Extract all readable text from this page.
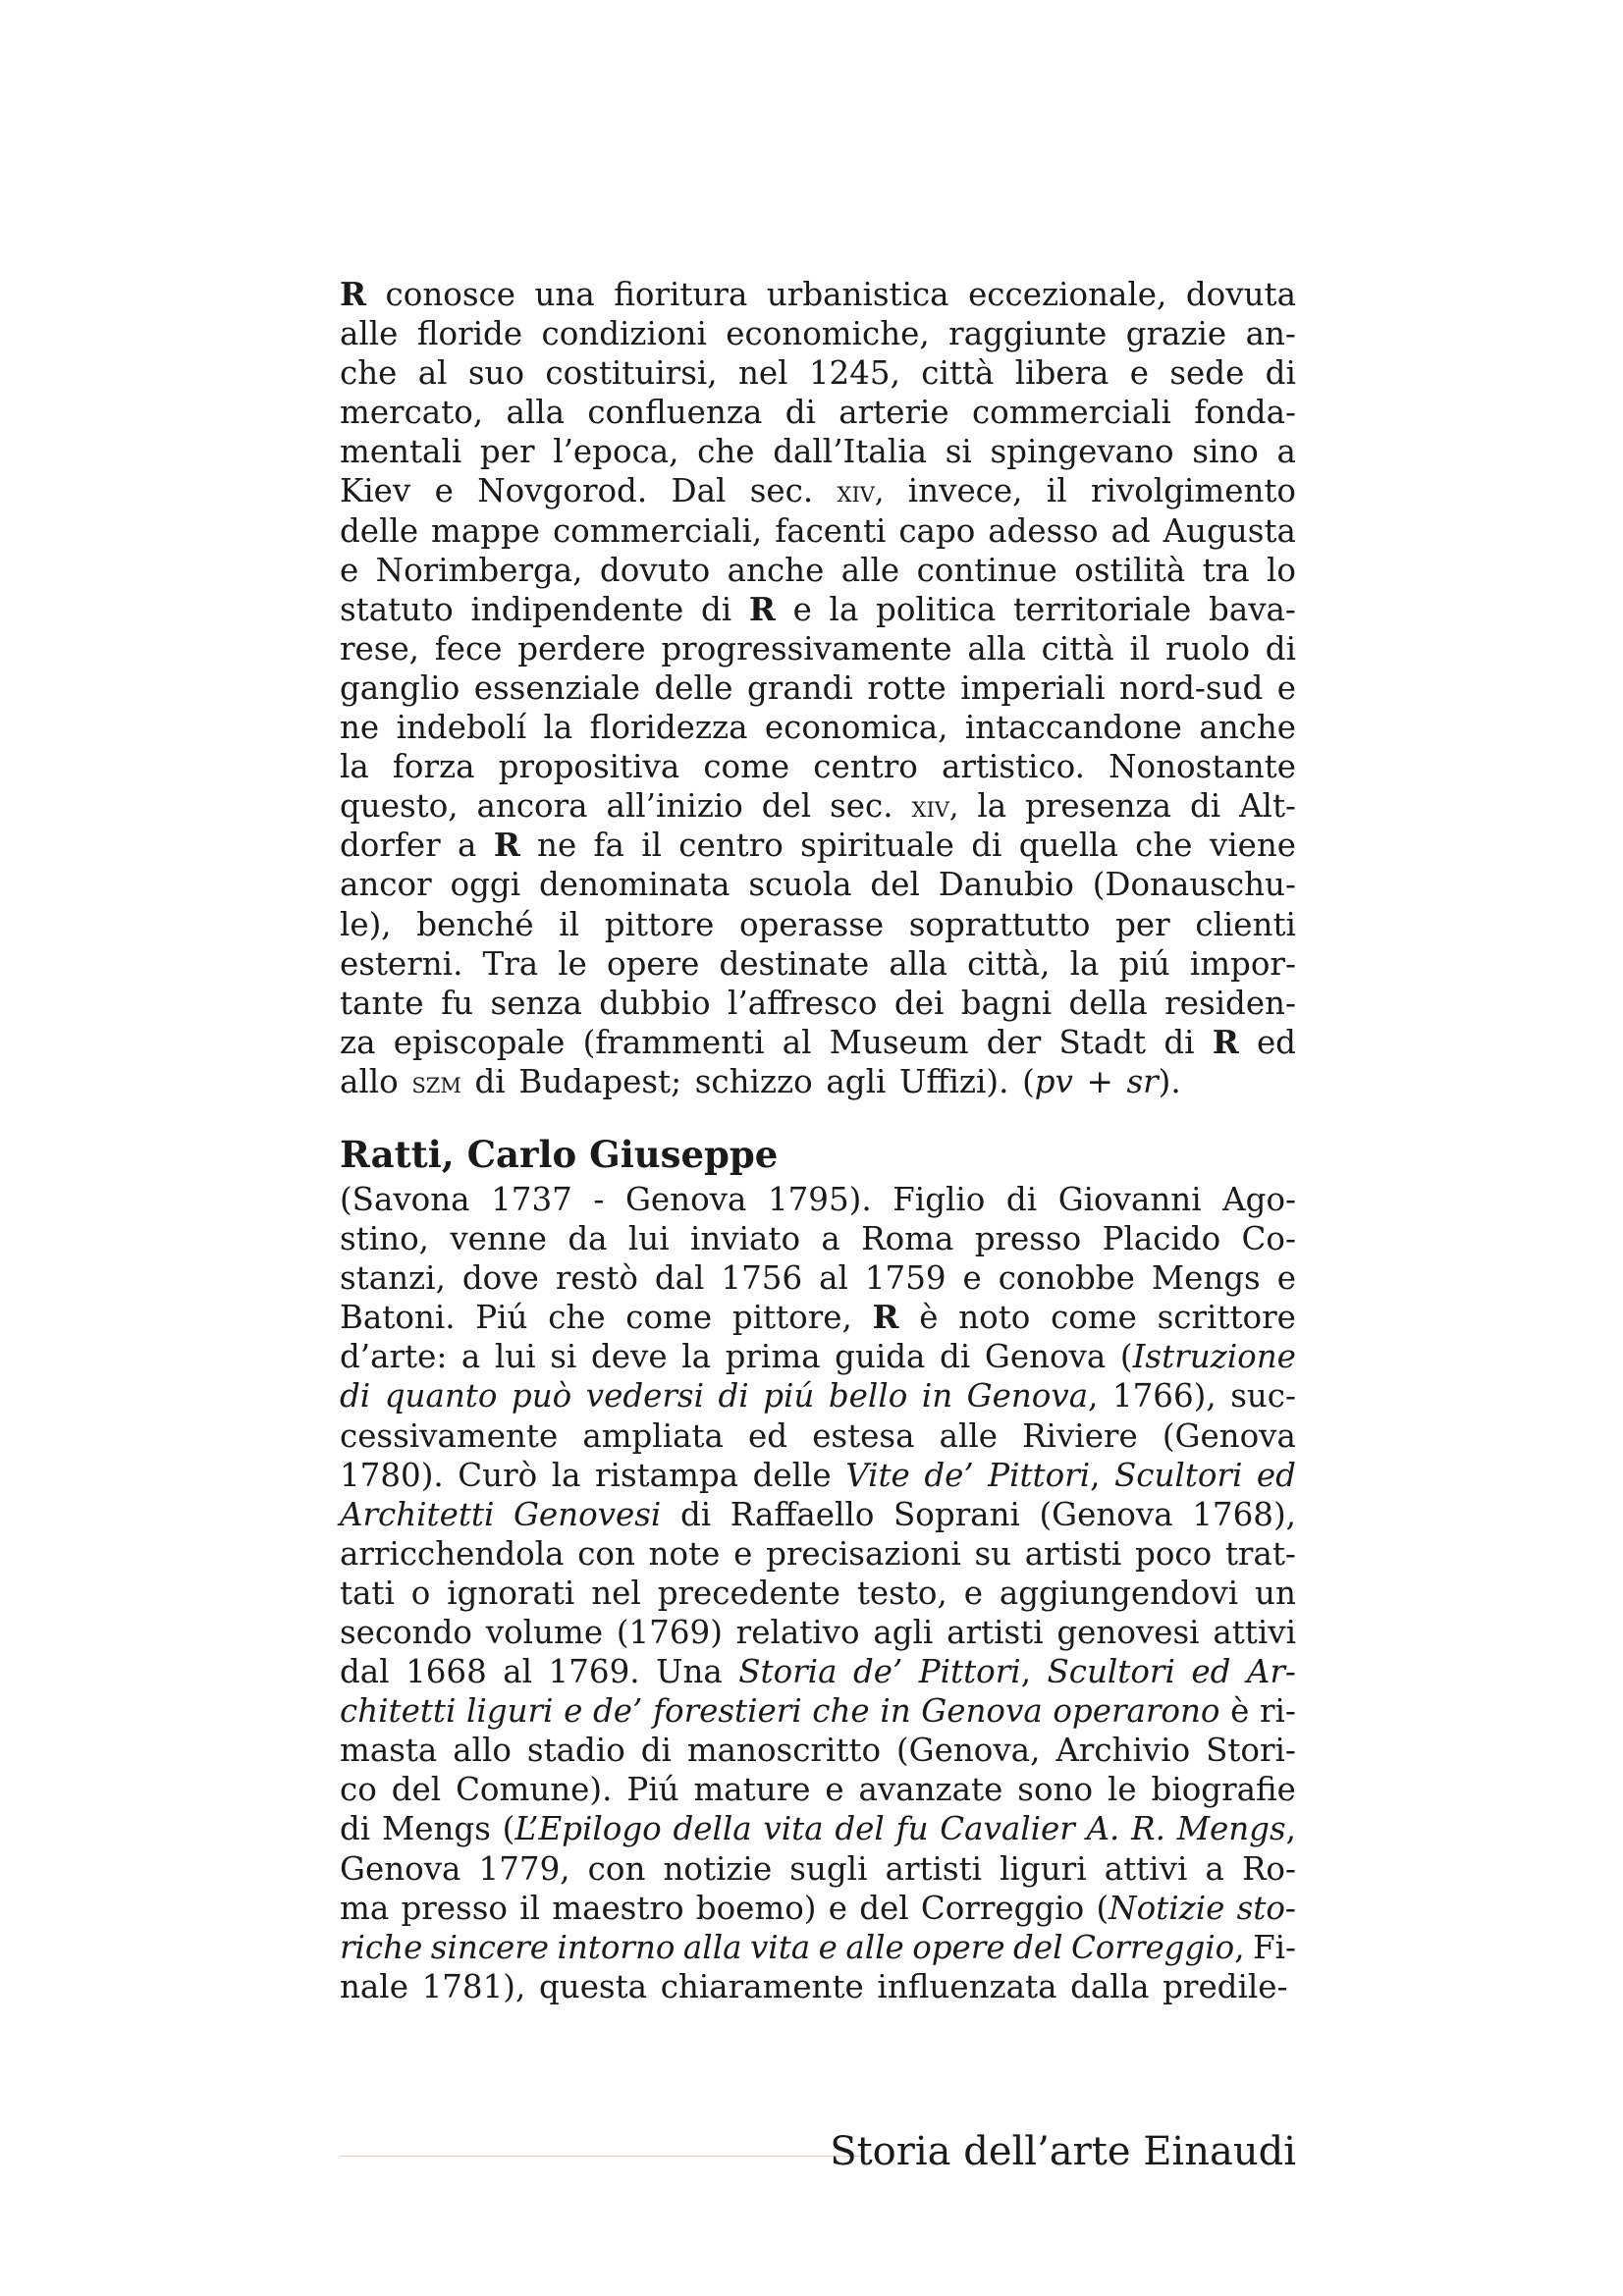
R conosce una fioritura urbanistica eccezionale, dovuta
alle floride condizioni economiche, raggiunte grazie an-
che al suo costituirsi, nel 1245, città libera e sede di
mercato, alla confluenza di arterie commerciali fonda-
mentali per l’epoca, che dall’Italia si spingevano sino a
Kiev e Novgorod. Dal sec. xiv, invece, il rivolgimento
delle mappe commerciali, facenti capo adesso ad Augusta
e Norimberga, dovuto anche alle continue ostilità tra lo
statuto indipendente di R e la politica territoriale bava-
rese, fece perdere progressivamente alla città il ruolo di
ganglio essenziale delle grandi rotte imperiali nord-sud e
ne indebolí la floridezza economica, intaccandone anche
la forza propositiva come centro artistico. Nonostante
questo, ancora all’inizio del sec. xiv, la presenza di Alt-
dorfer a R ne fa il centro spirituale di quella che viene
ancor oggi denominata scuola del Danubio (Donauschu-
le), benché il pittore operasse soprattutto per clienti
esterni. Tra le opere destinate alla città, la piú impor-
tante fu senza dubbio l’affresco dei bagni della residen-
za episcopale (frammenti al Museum der Stadt di R ed
allo szm di Budapest; schizzo agli Uffizi). (pv + sr).
Ratti, Carlo Giuseppe
(Savona 1737 - Genova 1795). Figlio di Giovanni Ago-
stino, venne da lui inviato a Roma presso Placido Co-
stanzi, dove restò dal 1756 al 1759 e conobbe Mengs e
Batoni. Piú che come pittore, R è noto come scrittore
d’arte: a lui si deve la prima guida di Genova (Istruzione
di quanto può vedersi di piú bello in Genova, 1766), suc-
cessivamente ampliata ed estesa alle Riviere (Genova
1780). Curò la ristampa delle Vite de’ Pittori, Scultori ed
Architetti Genovesi di Raffaello Soprani (Genova 1768),
arricchendola con note e precisazioni su artisti poco trat-
tati o ignorati nel precedente testo, e aggiungendovi un
secondo volume (1769) relativo agli artisti genovesi attivi
dal 1668 al 1769. Una Storia de’ Pittori, Scultori ed Ar-
chitetti liguri e de’ forestieri che in Genova operarono è ri-
masta allo stadio di manoscritto (Genova, Archivio Stori-
co del Comune). Piú mature e avanzate sono le biografie
di Mengs (L’Epilogo della vita del fu Cavalier A. R. Mengs,
Genova 1779, con notizie sugli artisti liguri attivi a Ro-
ma presso il maestro boemo) e del Correggio (Notizie sto-
riche sincere intorno alla vita e alle opere del Correggio, Fi-
nale 1781), questa chiaramente influenzata dalla predile-
Storia dell’arte Einaudi
